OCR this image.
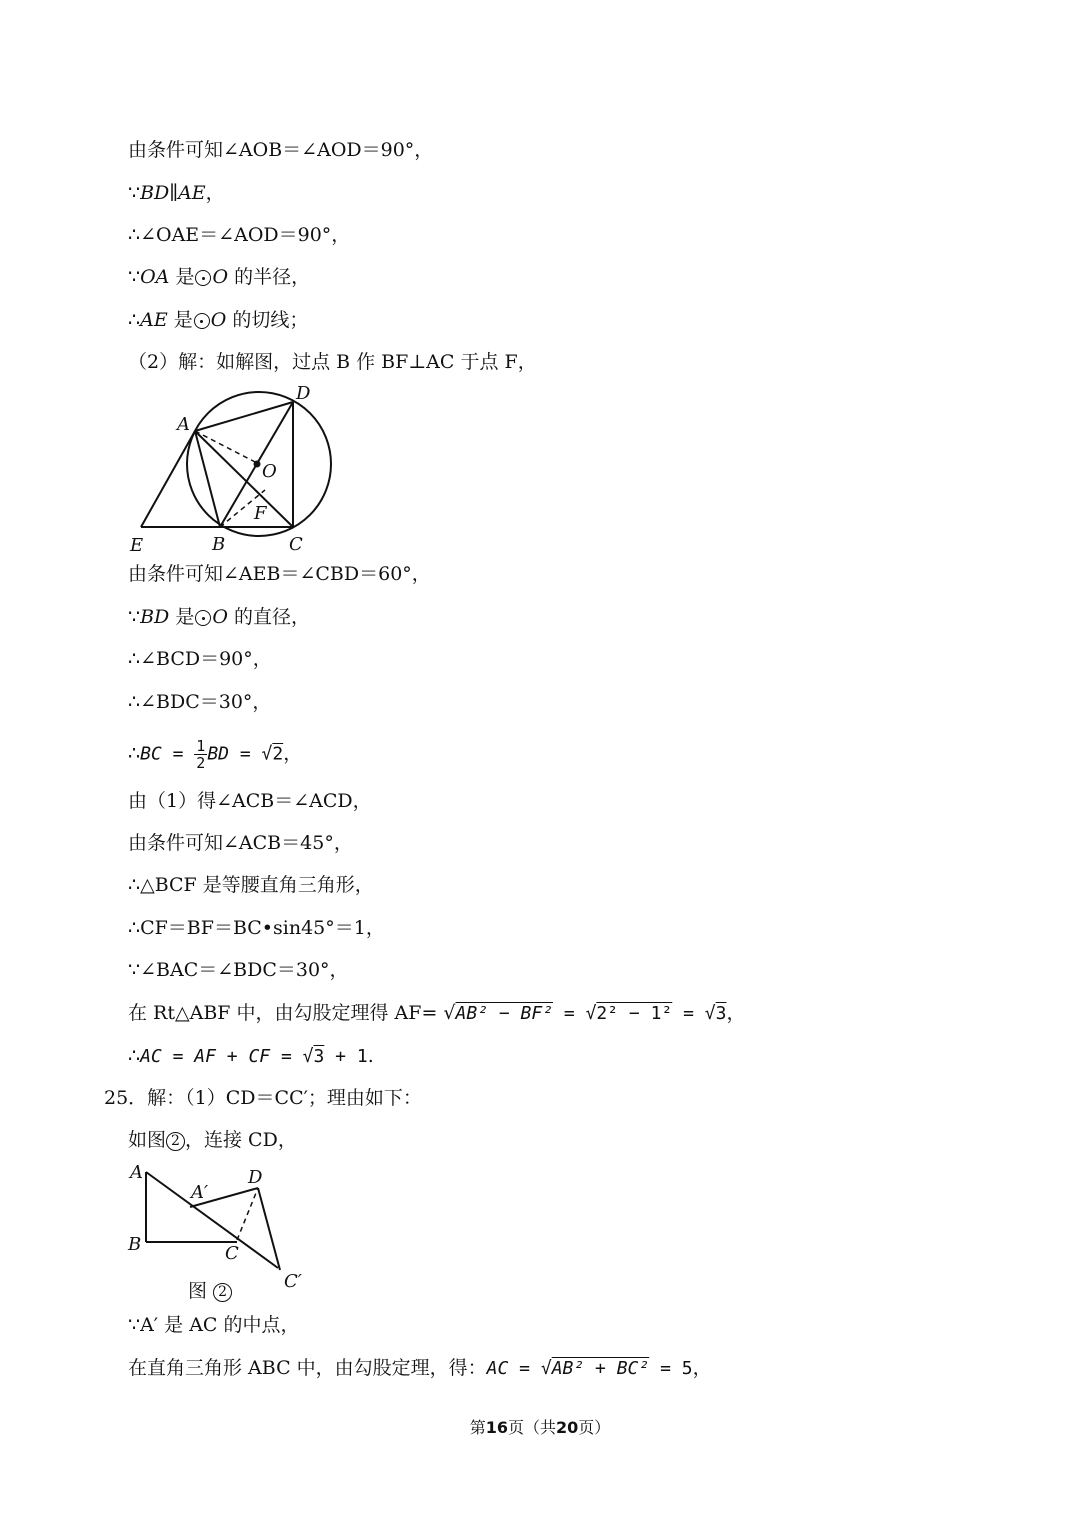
由条件可知∠AOB＝∠AOD＝90°，
∵BD∥AE，
∴∠OAE＝∠AOD＝90°，
∵OA 是 O 的半径，
∴AE 是 O 的切线；
（2）解：如解图，过点 B 作 BF⊥AC 于点 F，
A
D
O
F
E	B	C
由条件可知∠AEB＝∠CBD＝60°，
∵BD 是 O 的直径，
∴∠BCD＝90°，
∴∠BDC＝30°，
∴BC = $\frac{1}{2}$ BD = √2，
由（1）得∠ACB＝∠ACD，
由条件可知∠ACB＝45°，
∴△BCF 是等腰直角三角形，
∴CF＝BF＝BC•sin45°＝1，
∵∠BAC＝∠BDC＝30°，
在 Rt△ABF 中，由勾股定理得 AF= √AB² − BF² = √2² − 1² = √3，
∴AC = AF + CF = √3 + 1.
25．解：（1）CD＝CC′；理由如下：
如图 2 ，连接 CD，
A
A′
D
B	C
C′
图 2
∵A′ 是 AC 的中点，
在直角三角形 ABC 中，由勾股定理，得：AC = √AB² + BC² = 5，
第16页（共20页）
